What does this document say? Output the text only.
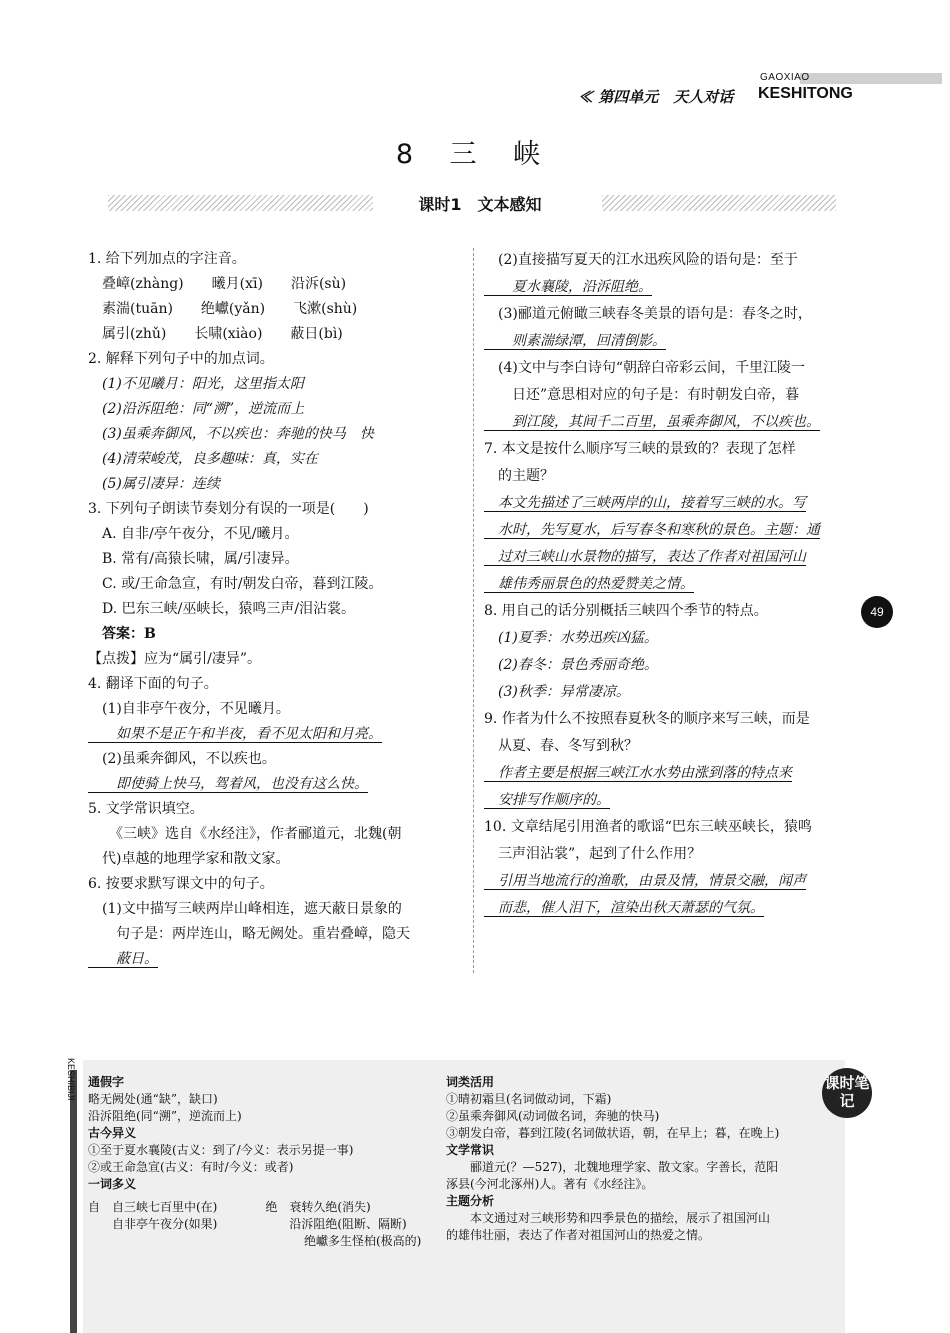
≪ 第四单元　天人对话
GAOXIAO
KESHITONG
8 三 峡
课时1　文本感知
1. 给下列加点的字注音。
　叠嶂(zhàng)　　曦月(xī)　　沿泝(sù)
　素湍(tuān)　　绝巘(yǎn)　　飞漱(shù)
　属引(zhǔ)　　长啸(xiào)　　蔽日(bì)
2. 解释下列句子中的加点词。
　(1)不见曦月：阳光，这里指太阳
　(2)沿泝阻绝：同“溯”，逆流而上
　(3)虽乘奔御风，不以疾也：奔驰的快马　快
　(4)清荣峻茂，良多趣味：真，实在
　(5)属引凄异：连续
3. 下列句子朗读节奏划分有误的一项是(　　)
　A. 自非/亭午夜分，不见/曦月。
　B. 常有/高猿长啸，属/引凄异。
　C. 或/王命急宣，有时/朝发白帝，暮到江陵。
　D. 巴东三峡/巫峡长，猿鸣三声/泪沾裳。
　答案：B
【点拨】应为“属引/凄异”。
4. 翻译下面的句子。
　(1)自非亭午夜分，不见曦月。
　　如果不是正午和半夜，看不见太阳和月亮。
　(2)虽乘奔御风，不以疾也。
　　即使骑上快马，驾着风，也没有这么快。
5. 文学常识填空。
　　《三峡》选自《水经注》，作者郦道元，北魏(朝
　代)卓越的地理学家和散文家。
6. 按要求默写课文中的句子。
　(1)文中描写三峡两岸山峰相连，遮天蔽日景象的
　　句子是：两岸连山，略无阙处。重岩叠嶂，隐天
　　蔽日。
　(2)直接描写夏天的江水迅疾风险的语句是：至于
　　夏水襄陵，沿泝阻绝。
　(3)郦道元俯瞰三峡春冬美景的语句是：春冬之时，
　　则素湍绿潭，回清倒影。
　(4)文中与李白诗句“朝辞白帝彩云间，千里江陵一
　　日还”意思相对应的句子是：有时朝发白帝，暮
　　到江陵，其间千二百里，虽乘奔御风，不以疾也。
7. 本文是按什么顺序写三峡的景致的？表现了怎样
　的主题？
　本文先描述了三峡两岸的山，接着写三峡的水。写
　水时，先写夏水，后写春冬和寒秋的景色。主题：通
　过对三峡山水景物的描写，表达了作者对祖国河山
　雄伟秀丽景色的热爱赞美之情。
8. 用自己的话分别概括三峡四个季节的特点。
　(1)夏季：水势迅疾凶猛。
　(2)春冬：景色秀丽奇绝。
　(3)秋季：异常凄凉。
9. 作者为什么不按照春夏秋冬的顺序来写三峡，而是
　从夏、春、冬写到秋？
　作者主要是根据三峡江水水势由涨到落的特点来
　安排写作顺序的。
10. 文章结尾引用渔者的歌谣“巴东三峡巫峡长，猿鸣
　三声泪沾裳”，起到了什么作用？
　引用当地流行的渔歌，由景及情，情景交融，闻声
　而悲，催人泪下，渲染出秋天萧瑟的气氛。
49
KESHIBIJI 通假字
略无阙处(通“缺”，缺口)
沿泝阻绝(同“溯”，逆流而上)
古今异义
①至于夏水襄陵(古义：到了/今义：表示另提一事)
②或王命急宣(古义：有时/今义：或者)
一词多义
自　自三峡七百里中(在)　　　　绝　衰转久绝(消失)
　　自非亭午夜分(如果)　　　　　　沿泝阻绝(阻断、隔断)
　　　　　　　　　　　　　　　　　　绝巘多生怪柏(极高的)
词类活用
①晴初霜旦(名词做动词，下霜)
②虽乘奔御风(动词做名词，奔驰的快马)
③朝发白帝，暮到江陵(名词做状语，朝，在早上；暮，在晚上)
文学常识
　　郦道元(？—527)，北魏地理学家、散文家。字善长，范阳
涿县(今河北涿州)人。著有《水经注》。
主题分析
　　本文通过对三峡形势和四季景色的描绘，展示了祖国河山
的雄伟壮丽，表达了作者对祖国河山的热爱之情。
课时笔记
